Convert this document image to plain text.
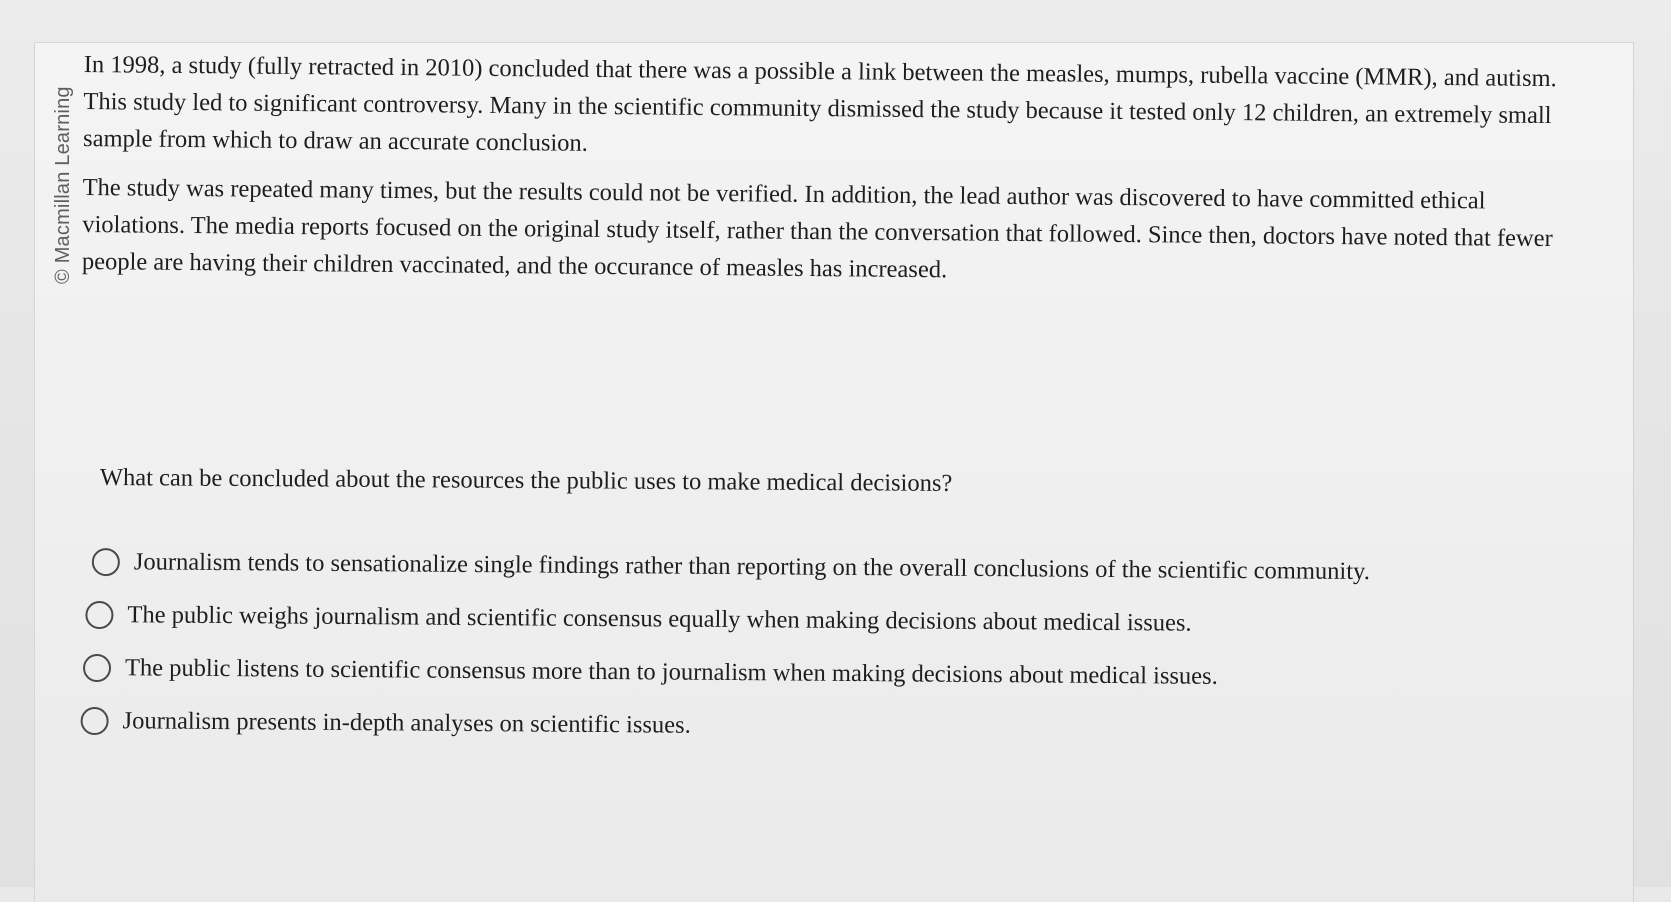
© Macmillan Learning

In 1998, a study (fully retracted in 2010) concluded that there was a possible a link between the measles, mumps, rubella vaccine (MMR), and autism. This study led to significant controversy. Many in the scientific community dismissed the study because it tested only 12 children, an extremely small sample from which to draw an accurate conclusion.

The study was repeated many times, but the results could not be verified. In addition, the lead author was discovered to have committed ethical violations. The media reports focused on the original study itself, rather than the conversation that followed. Since then, doctors have noted that fewer people are having their children vaccinated, and the occurance of measles has increased.

What can be concluded about the resources the public uses to make medical decisions?
Journalism tends to sensationalize single findings rather than reporting on the overall conclusions of the scientific community.
The public weighs journalism and scientific consensus equally when making decisions about medical issues.
The public listens to scientific consensus more than to journalism when making decisions about medical issues.
Journalism presents in-depth analyses on scientific issues.
